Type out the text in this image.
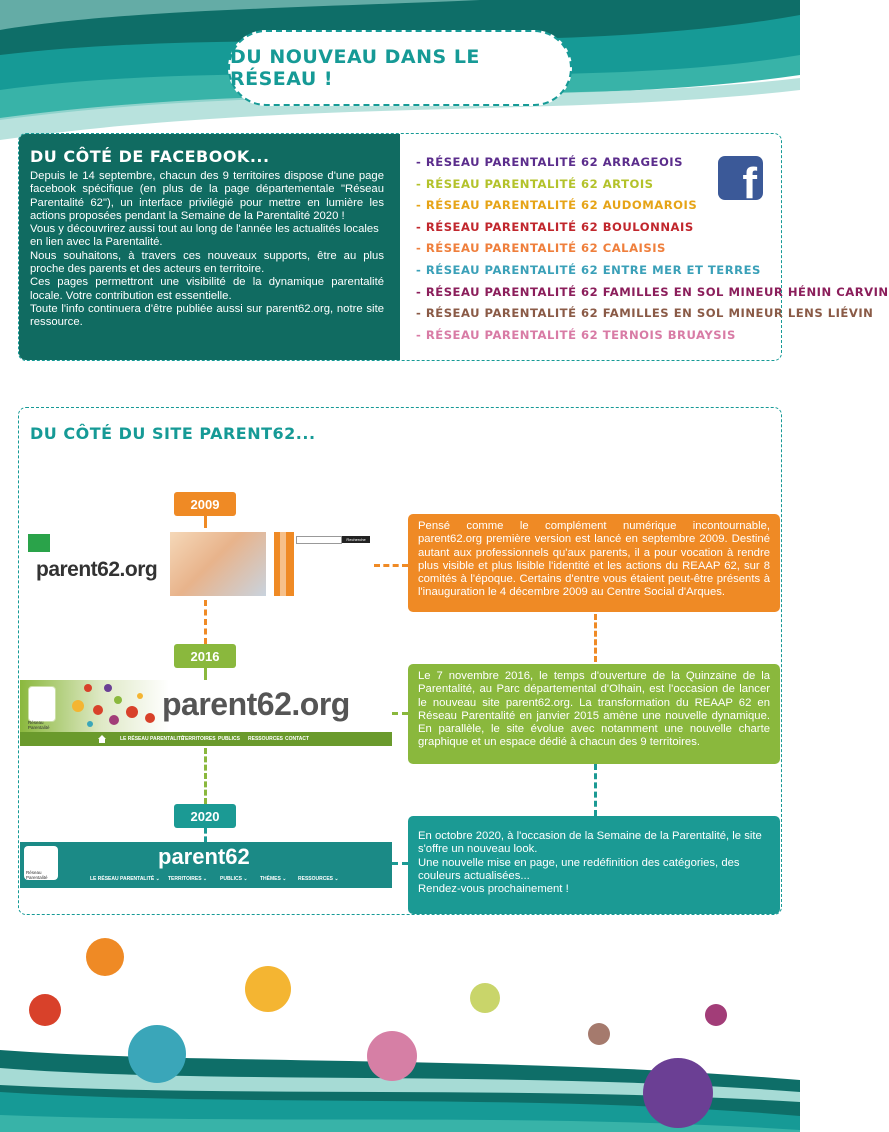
DU NOUVEAU DANS LE RÉSEAU !
DU CÔTÉ DE FACEBOOK...

Depuis le 14 septembre, chacun des 9 territoires dispose d'une page facebook spécifique (en plus de la page départementale "Réseau Parentalité 62"), un interface privilégié pour mettre en lumière les actions proposées pendant la Semaine de la Parentalité 2020 !

Vous y découvrirez aussi tout au long de l'année les actualités locales en lien avec la Parentalité.

Nous souhaitons, à travers ces nouveaux supports, être au plus proche des parents et des acteurs en territoire.

Ces pages permettront une visibilité de la dynamique parentalité locale. Votre contribution est essentielle.

Toute l'info continuera d'être publiée aussi sur parent62.org, notre site ressource.

- RÉSEAU PARENTALITÉ 62 ARRAGEOIS
- RÉSEAU PARENTALITÉ 62 ARTOIS
- RÉSEAU PARENTALITÉ 62 AUDOMAROIS
- RÉSEAU PARENTALITÉ 62 BOULONNAIS
- RÉSEAU PARENTALITÉ 62 CALAISIS
- RÉSEAU PARENTALITÉ 62 ENTRE MER ET TERRES
- RÉSEAU PARENTALITÉ 62 FAMILLES EN SOL MINEUR HÉNIN CARVIN
- RÉSEAU PARENTALITÉ 62 FAMILLES EN SOL MINEUR LENS LIÉVIN
- RÉSEAU PARENTALITÉ 62 TERNOIS BRUAYSIS
f
DU CÔTÉ DU SITE PARENT62...
2009
parent62.org
Recherche

Pensé comme le complément numérique incontournable, parent62.org première version est lancé en septembre 2009. Destiné autant aux professionnels qu'aux parents, il a pour vocation à rendre plus visible et plus lisible l'identité et les actions du REAAP 62, sur 8 comités à l'époque. Certains d'entre vous étaient peut-être présents à l'inauguration le 4 décembre 2009 au Centre Social d'Arques.

2016
Réseau Parentalité
parent62.org
LE RÉSEAU PARENTALITÉ
TERRITOIRES PUBLICS RESSOURCES CONTACT

Le 7 novembre 2016, le temps d'ouverture de la Quinzaine de la Parentalité, au Parc départemental d'Olhain, est l'occasion de lancer le nouveau site parent62.org. La transformation du REAAP 62 en Réseau Parentalité en janvier 2015 amène une nouvelle dynamique. En parallèle, le site évolue avec notamment une nouvelle charte graphique et un espace dédié à chacun des 9 territoires.

2020
Réseau Parentalité
parent62
LE RÉSEAU PARENTALITÉ ⌄ TERRITOIRES ⌄	PUBLICS ⌄ THÈMES ⌄ RESSOURCES ⌄

En octobre 2020, à l'occasion de la Semaine de la Parentalité, le site s'offre un nouveau look.

Une nouvelle mise en page, une redéfinition des catégories, des couleurs actualisées...

Rendez-vous prochainement !
